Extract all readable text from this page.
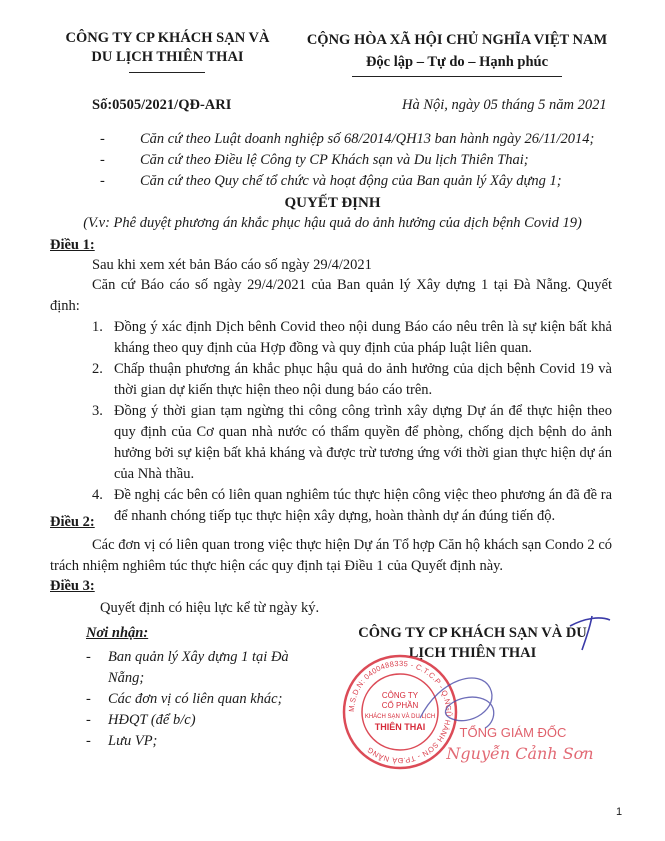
CÔNG TY CP KHÁCH SẠN VÀ
DU LỊCH THIÊN THAI
CỘNG HÒA XÃ HỘI CHỦ NGHĨA VIỆT NAM
Độc lập – Tự do – Hạnh phúc
Số:0505/2021/QĐ-ARI	Hà Nội, ngày 05 tháng 5 năm 2021
- Căn cứ theo Luật doanh nghiệp số 68/2014/QH13 ban hành ngày 26/11/2014;
- Căn cứ theo Điều lệ Công ty CP Khách sạn và Du lịch Thiên Thai;
- Căn cứ theo Quy chế tổ chức và hoạt động của Ban quản lý Xây dựng 1;
QUYẾT ĐỊNH
(V.v: Phê duyệt phương án khắc phục hậu quả do ảnh hưởng của dịch bệnh Covid 19)
Điều 1:
Sau khi xem xét bản Báo cáo số ngày 29/4/2021
Căn cứ Báo cáo số ngày 29/4/2021 của Ban quản lý Xây dựng 1 tại Đà Nẵng. Quyết định:
1. Đồng ý xác định Dịch bênh Covid theo nội dung Báo cáo nêu trên là sự kiện bất khả kháng theo quy định của Hợp đồng và quy định của pháp luật liên quan.
2. Chấp thuận phương án khắc phục hậu quả do ảnh hưởng của dịch bệnh Covid 19 và thời gian dự kiến thực hiện theo nội dung báo cáo trên.
3. Đồng ý thời gian tạm ngừng thi công công trình xây dựng Dự án để thực hiện theo quy định của Cơ quan nhà nước có thẩm quyền để phòng, chống dịch bệnh do ảnh hưởng bởi sự kiện bất khả kháng và được trừ tương ứng với thời gian thực hiện dự án của Nhà thầu.
4. Đề nghị các bên có liên quan nghiêm túc thực hiện công việc theo phương án đã đề ra để nhanh chóng tiếp tục thực hiện xây dựng, hoàn thành dự án đúng tiến độ.
Điều 2:
Các đơn vị có liên quan trong việc thực hiện Dự án Tổ hợp Căn hộ khách sạn Condo 2 có trách nhiệm nghiêm túc thực hiện các quy định tại Điều 1 của Quyết định này.
Điều 3:
Quyết định có hiệu lực kể từ ngày ký.
Nơi nhận:
- Ban quản lý Xây dựng 1 tại Đà Nẵng;
- Các đơn vị có liên quan khác;
- HĐQT (để b/c)
- Lưu VP;
CÔNG TY CP KHÁCH SẠN VÀ DU
LỊCH THIÊN THAI
M.S.D.N: 0400488335 - C.T.C.P - Q.NGŨ HÀNH SƠN - TP.ĐÀ NẴNG
CÔNG TY
CỔ PHẦN
KHÁCH SẠN VÀ DU LỊCH
THIÊN THAI	TỔNG GIÁM ĐỐC
Nguyễn Cảnh Sơn
1
